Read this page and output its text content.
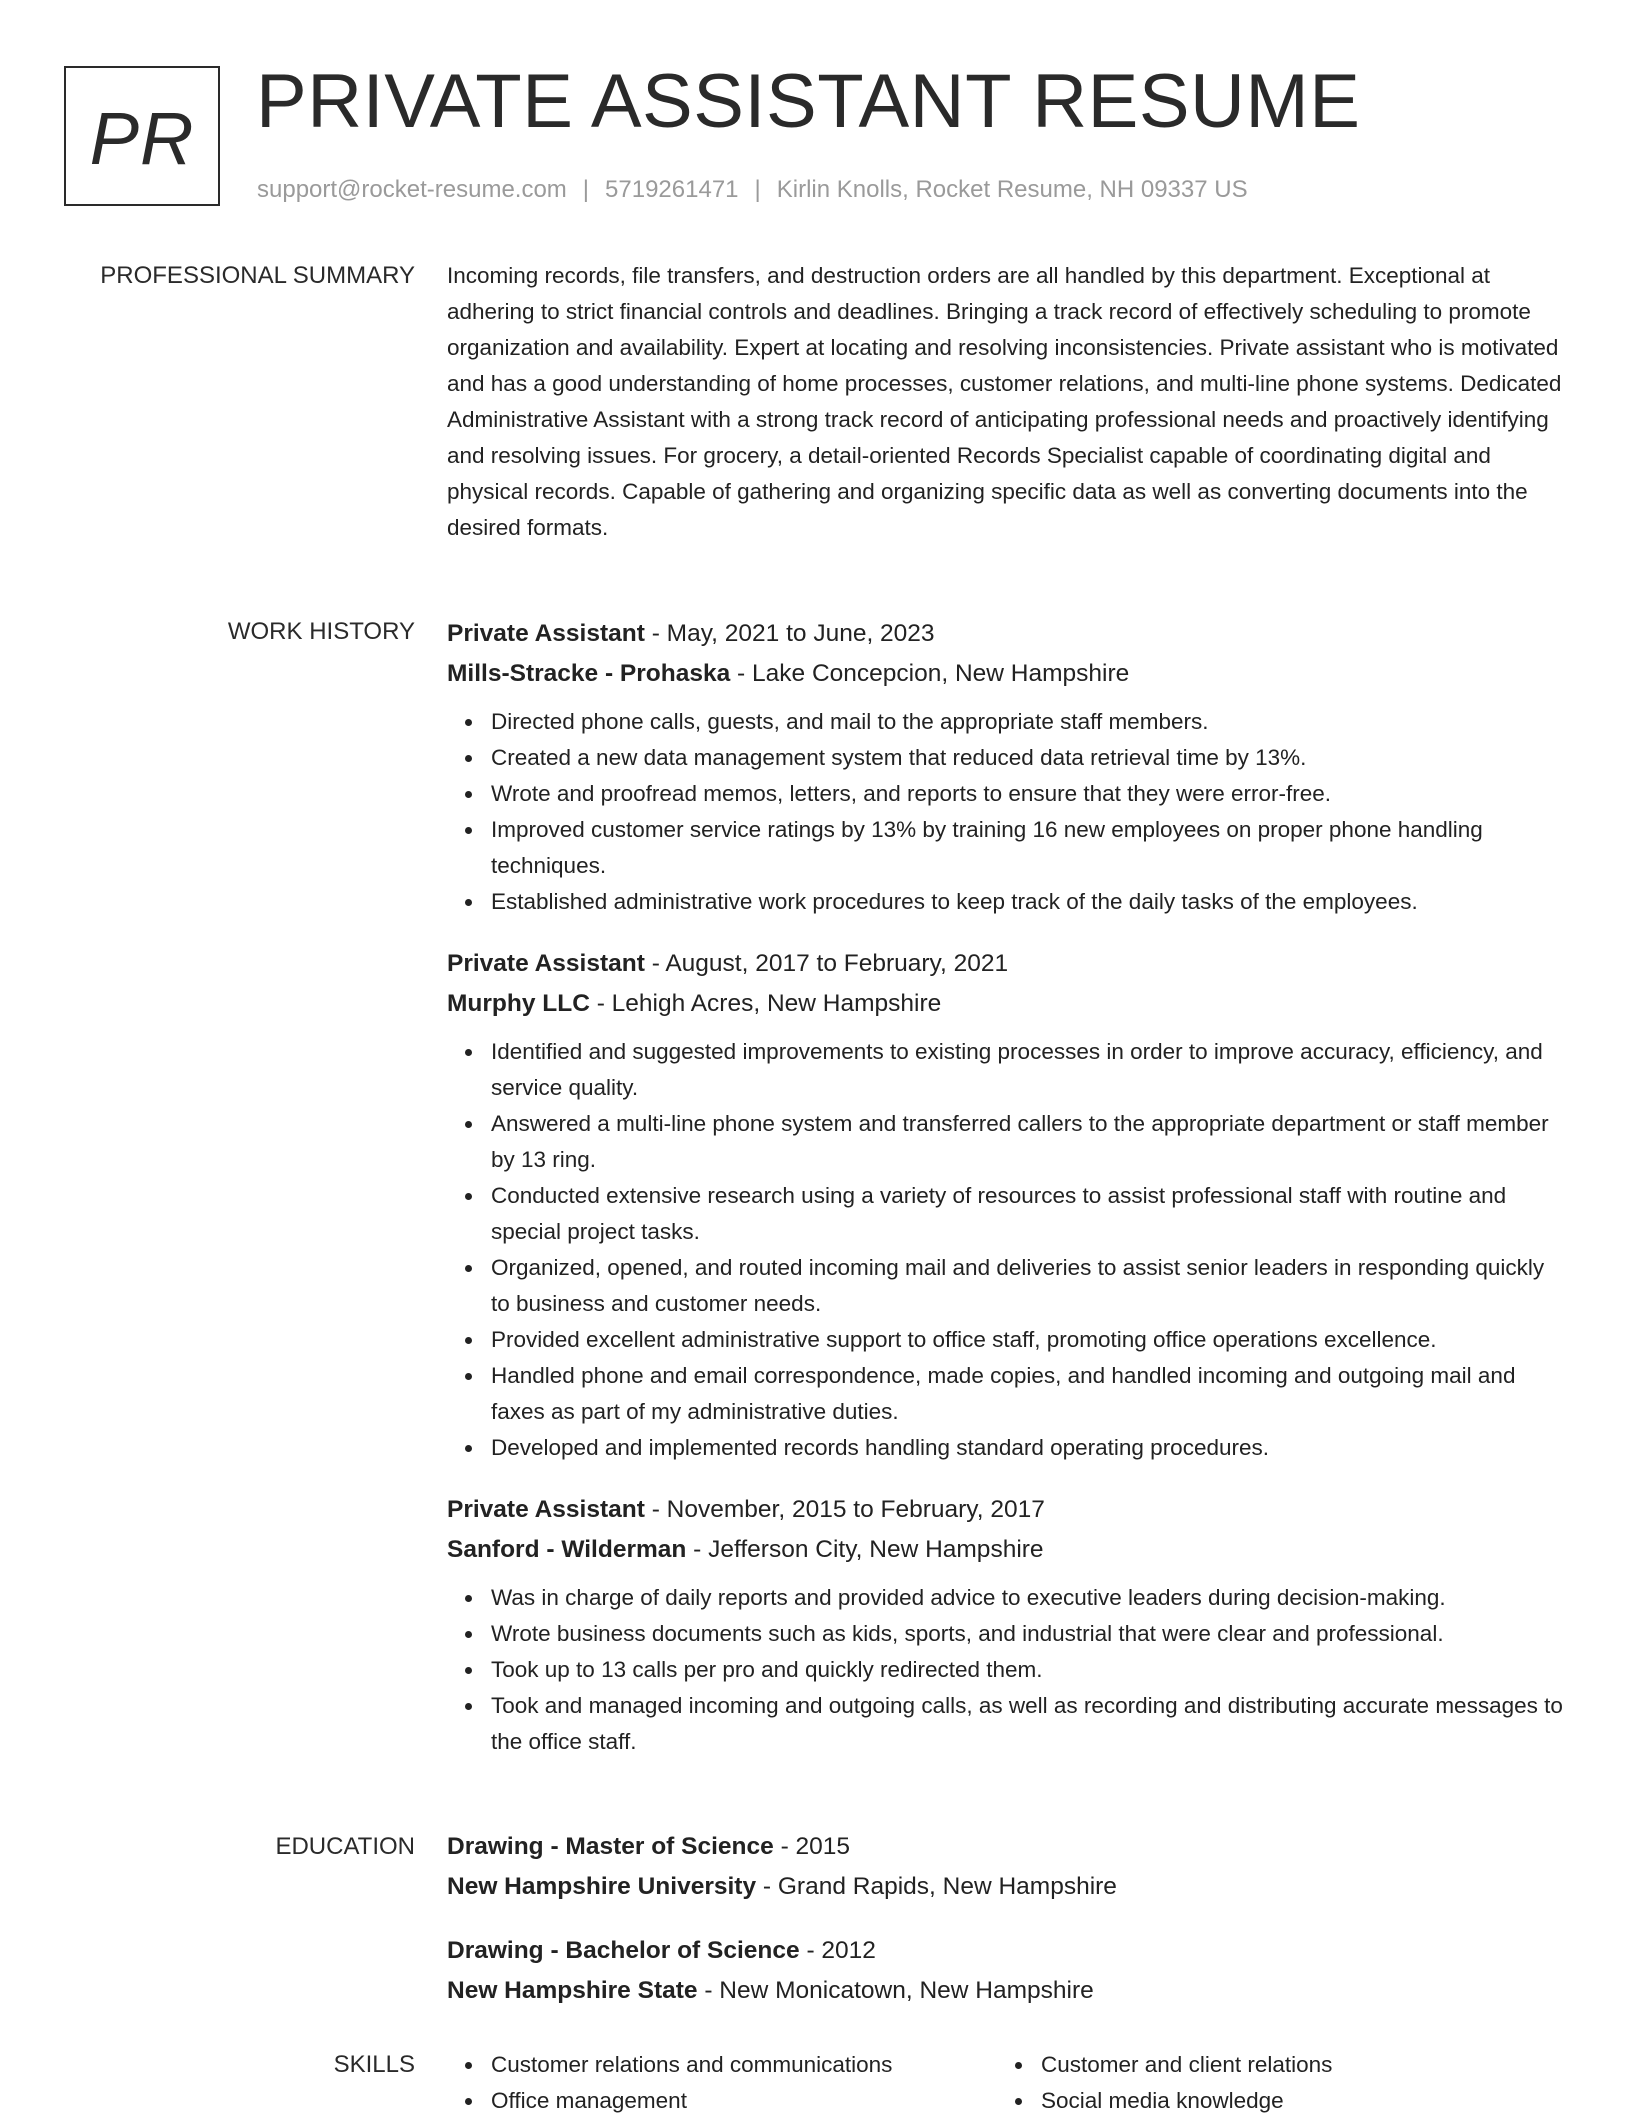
PR PRIVATE ASSISTANT RESUME
support@rocket-resume.com | 5719261471 | Kirlin Knolls, Rocket Resume, NH 09337 US
PROFESSIONAL SUMMARY Incoming records, file transfers, and destruction orders are all handled by this department. Exceptional at adhering to strict financial controls and deadlines. Bringing a track record of effectively scheduling to promote organization and availability. Expert at locating and resolving inconsistencies. Private assistant who is motivated and has a good understanding of home processes, customer relations, and multi-line phone systems. Dedicated Administrative Assistant with a strong track record of anticipating professional needs and proactively identifying and resolving issues. For grocery, a detail-oriented Records Specialist capable of coordinating digital and physical records. Capable of gathering and organizing specific data as well as converting documents into the desired formats.

WORK HISTORY Private Assistant - May, 2021 to June, 2023
Mills-Stracke - Prohaska - Lake Concepcion, New Hampshire
Directed phone calls, guests, and mail to the appropriate staff members.
Created a new data management system that reduced data retrieval time by 13%.
Wrote and proofread memos, letters, and reports to ensure that they were error-free.
Improved customer service ratings by 13% by training 16 new employees on proper phone handling techniques.
Established administrative work procedures to keep track of the daily tasks of the employees.
Private Assistant - August, 2017 to February, 2021
Murphy LLC - Lehigh Acres, New Hampshire
Identified and suggested improvements to existing processes in order to improve accuracy, efficiency, and service quality.
Answered a multi-line phone system and transferred callers to the appropriate department or staff member by 13 ring.
Conducted extensive research using a variety of resources to assist professional staff with routine and special project tasks.
Organized, opened, and routed incoming mail and deliveries to assist senior leaders in responding quickly to business and customer needs.
Provided excellent administrative support to office staff, promoting office operations excellence.
Handled phone and email correspondence, made copies, and handled incoming and outgoing mail and faxes as part of my administrative duties.
Developed and implemented records handling standard operating procedures.
Private Assistant - November, 2015 to February, 2017
Sanford - Wilderman - Jefferson City, New Hampshire
Was in charge of daily reports and provided advice to executive leaders during decision-making.
Wrote business documents such as kids, sports, and industrial that were clear and professional.
Took up to 13 calls per pro and quickly redirected them.
Took and managed incoming and outgoing calls, as well as recording and distributing accurate messages to the office staff.
EDUCATION Drawing - Master of Science - 2015
New Hampshire University - Grand Rapids, New Hampshire
Drawing - Bachelor of Science - 2012
New Hampshire State - New Monicatown, New Hampshire
SKILLS	Customer relations and communications	Customer and client relations
Office management	Social media knowledge
